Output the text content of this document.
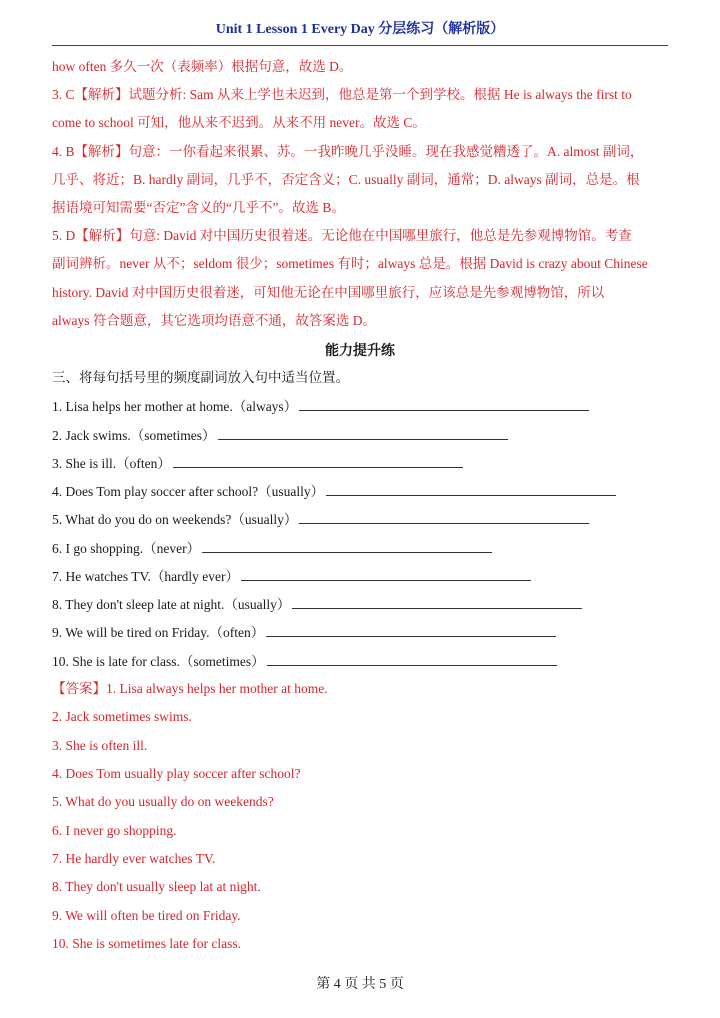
Unit 1 Lesson 1 Every Day 分层练习（解析版）
how often 多久一次（表频率）根据句意，故选 D。
3. C【解析】试题分析: Sam 从来上学也未迟到，他总是第一个到学校。根据 He is always the first to
come to school 可知，他从来不迟到。从来不用 never。故选 C。
4. B【解析】句意：一你看起来很累、苏。一我昨晚几乎没睡。现在我感觉糟透了。A. almost 副词，
几乎、将近；B. hardly 副词，几乎不，否定含义；C. usually 副词，通常；D. always 副词，总是。根
据语境可知需要“否定”含义的“几乎不”。故选 B。
5. D【解析】句意: David 对中国历史很着迷。无论他在中国哪里旅行，他总是先参观博物馆。考查
副词辨析。never 从不；seldom 很少；sometimes 有时；always 总是。根据 David is crazy about Chinese
history. David 对中国历史很着迷，可知他无论在中国哪里旅行，应该总是先参观博物馆，所以
always 符合题意，其它选项均语意不通，故答案选 D。
能力提升练
三、将每句括号里的频度副词放入句中适当位置。
1. Lisa helps her mother at home.（always）
2. Jack swims.（sometimes）
3. She is ill.（often）
4. Does Tom play soccer after school?（usually）
5. What do you do on weekends?（usually）
6. I go shopping.（never）
7. He watches TV.（hardly ever）
8. They don't sleep late at night.（usually）
9. We will be tired on Friday.（often）
10. She is late for class.（sometimes）
【答案】1. Lisa always helps her mother at home.
2. Jack sometimes swims.
3. She is often ill.
4. Does Tom usually play soccer after school?
5. What do you usually do on weekends?
6. I never go shopping.
7. He hardly ever watches TV.
8. They don't usually sleep lat at night.
9. We will often be tired on Friday.
10. She is sometimes late for class.
第 4 页 共 5 页
